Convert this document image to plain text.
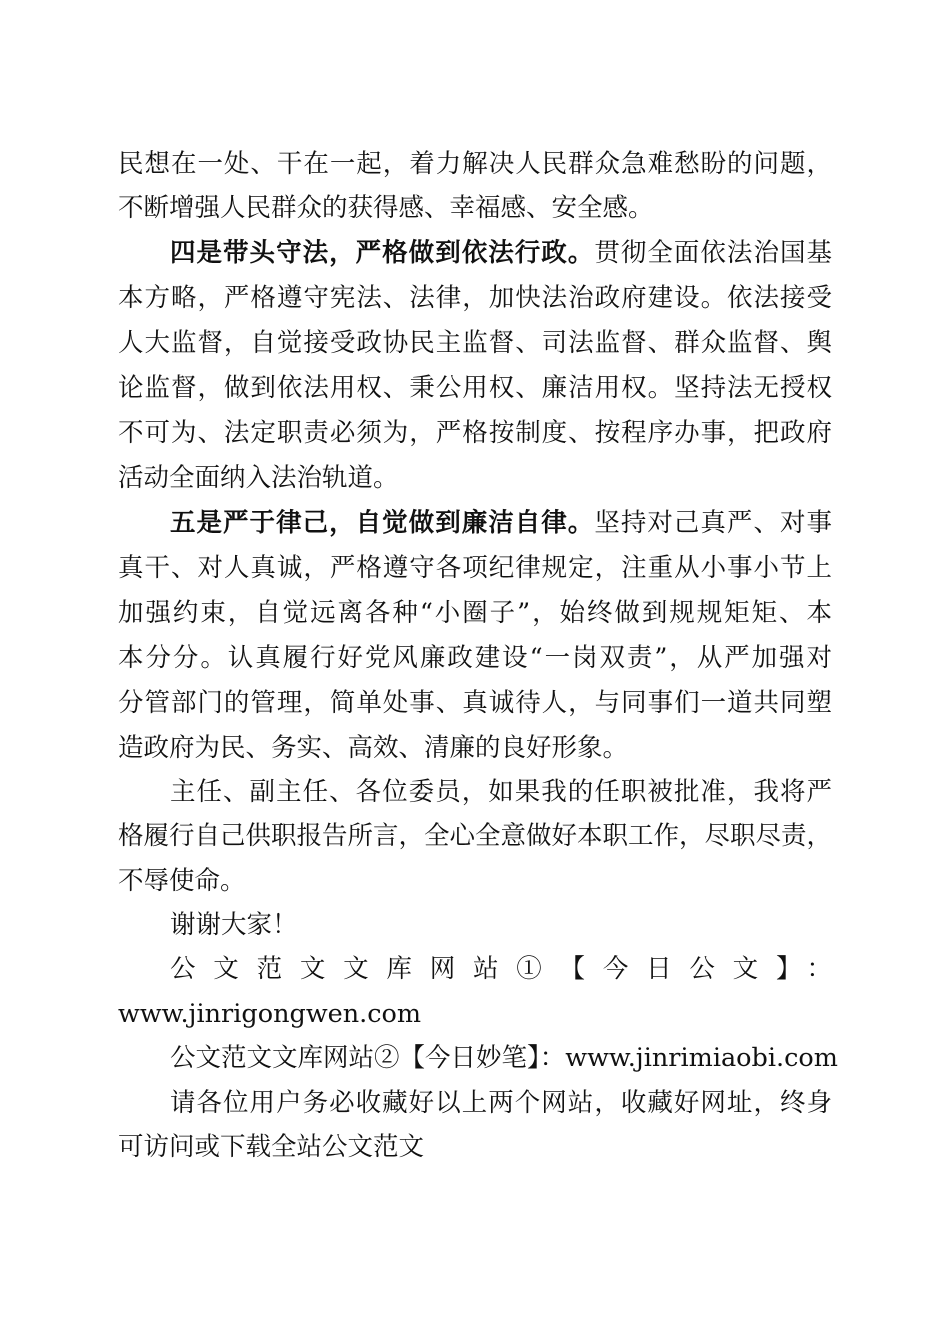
民想在一处、干在一起，着力解决人民群众急难愁盼的问题，
不断增强人民群众的获得感、幸福感、安全感。
四是带头守法，严格做到依法行政。贯彻全面依法治国基
本方略，严格遵守宪法、法律，加快法治政府建设。依法接受
人大监督，自觉接受政协民主监督、司法监督、群众监督、舆
论监督，做到依法用权、秉公用权、廉洁用权。坚持法无授权
不可为、法定职责必须为，严格按制度、按程序办事，把政府
活动全面纳入法治轨道。
五是严于律己，自觉做到廉洁自律。坚持对己真严、对事
真干、对人真诚，严格遵守各项纪律规定，注重从小事小节上
加强约束，自觉远离各种“小圈子”，始终做到规规矩矩、本
本分分。认真履行好党风廉政建设“一岗双责”，从严加强对
分管部门的管理，简单处事、真诚待人，与同事们一道共同塑
造政府为民、务实、高效、清廉的良好形象。
主任、副主任、各位委员，如果我的任职被批准，我将严
格履行自己供职报告所言，全心全意做好本职工作，尽职尽责，
不辱使命。
谢谢大家！
公文范文文库网站①【今日公文】：
www.jinrigongwen.com
公文范文文库网站②【今日妙笔】：www.jinrimiaobi.com
请各位用户务必收藏好以上两个网站，收藏好网址，终身
可访问或下载全站公文范文
